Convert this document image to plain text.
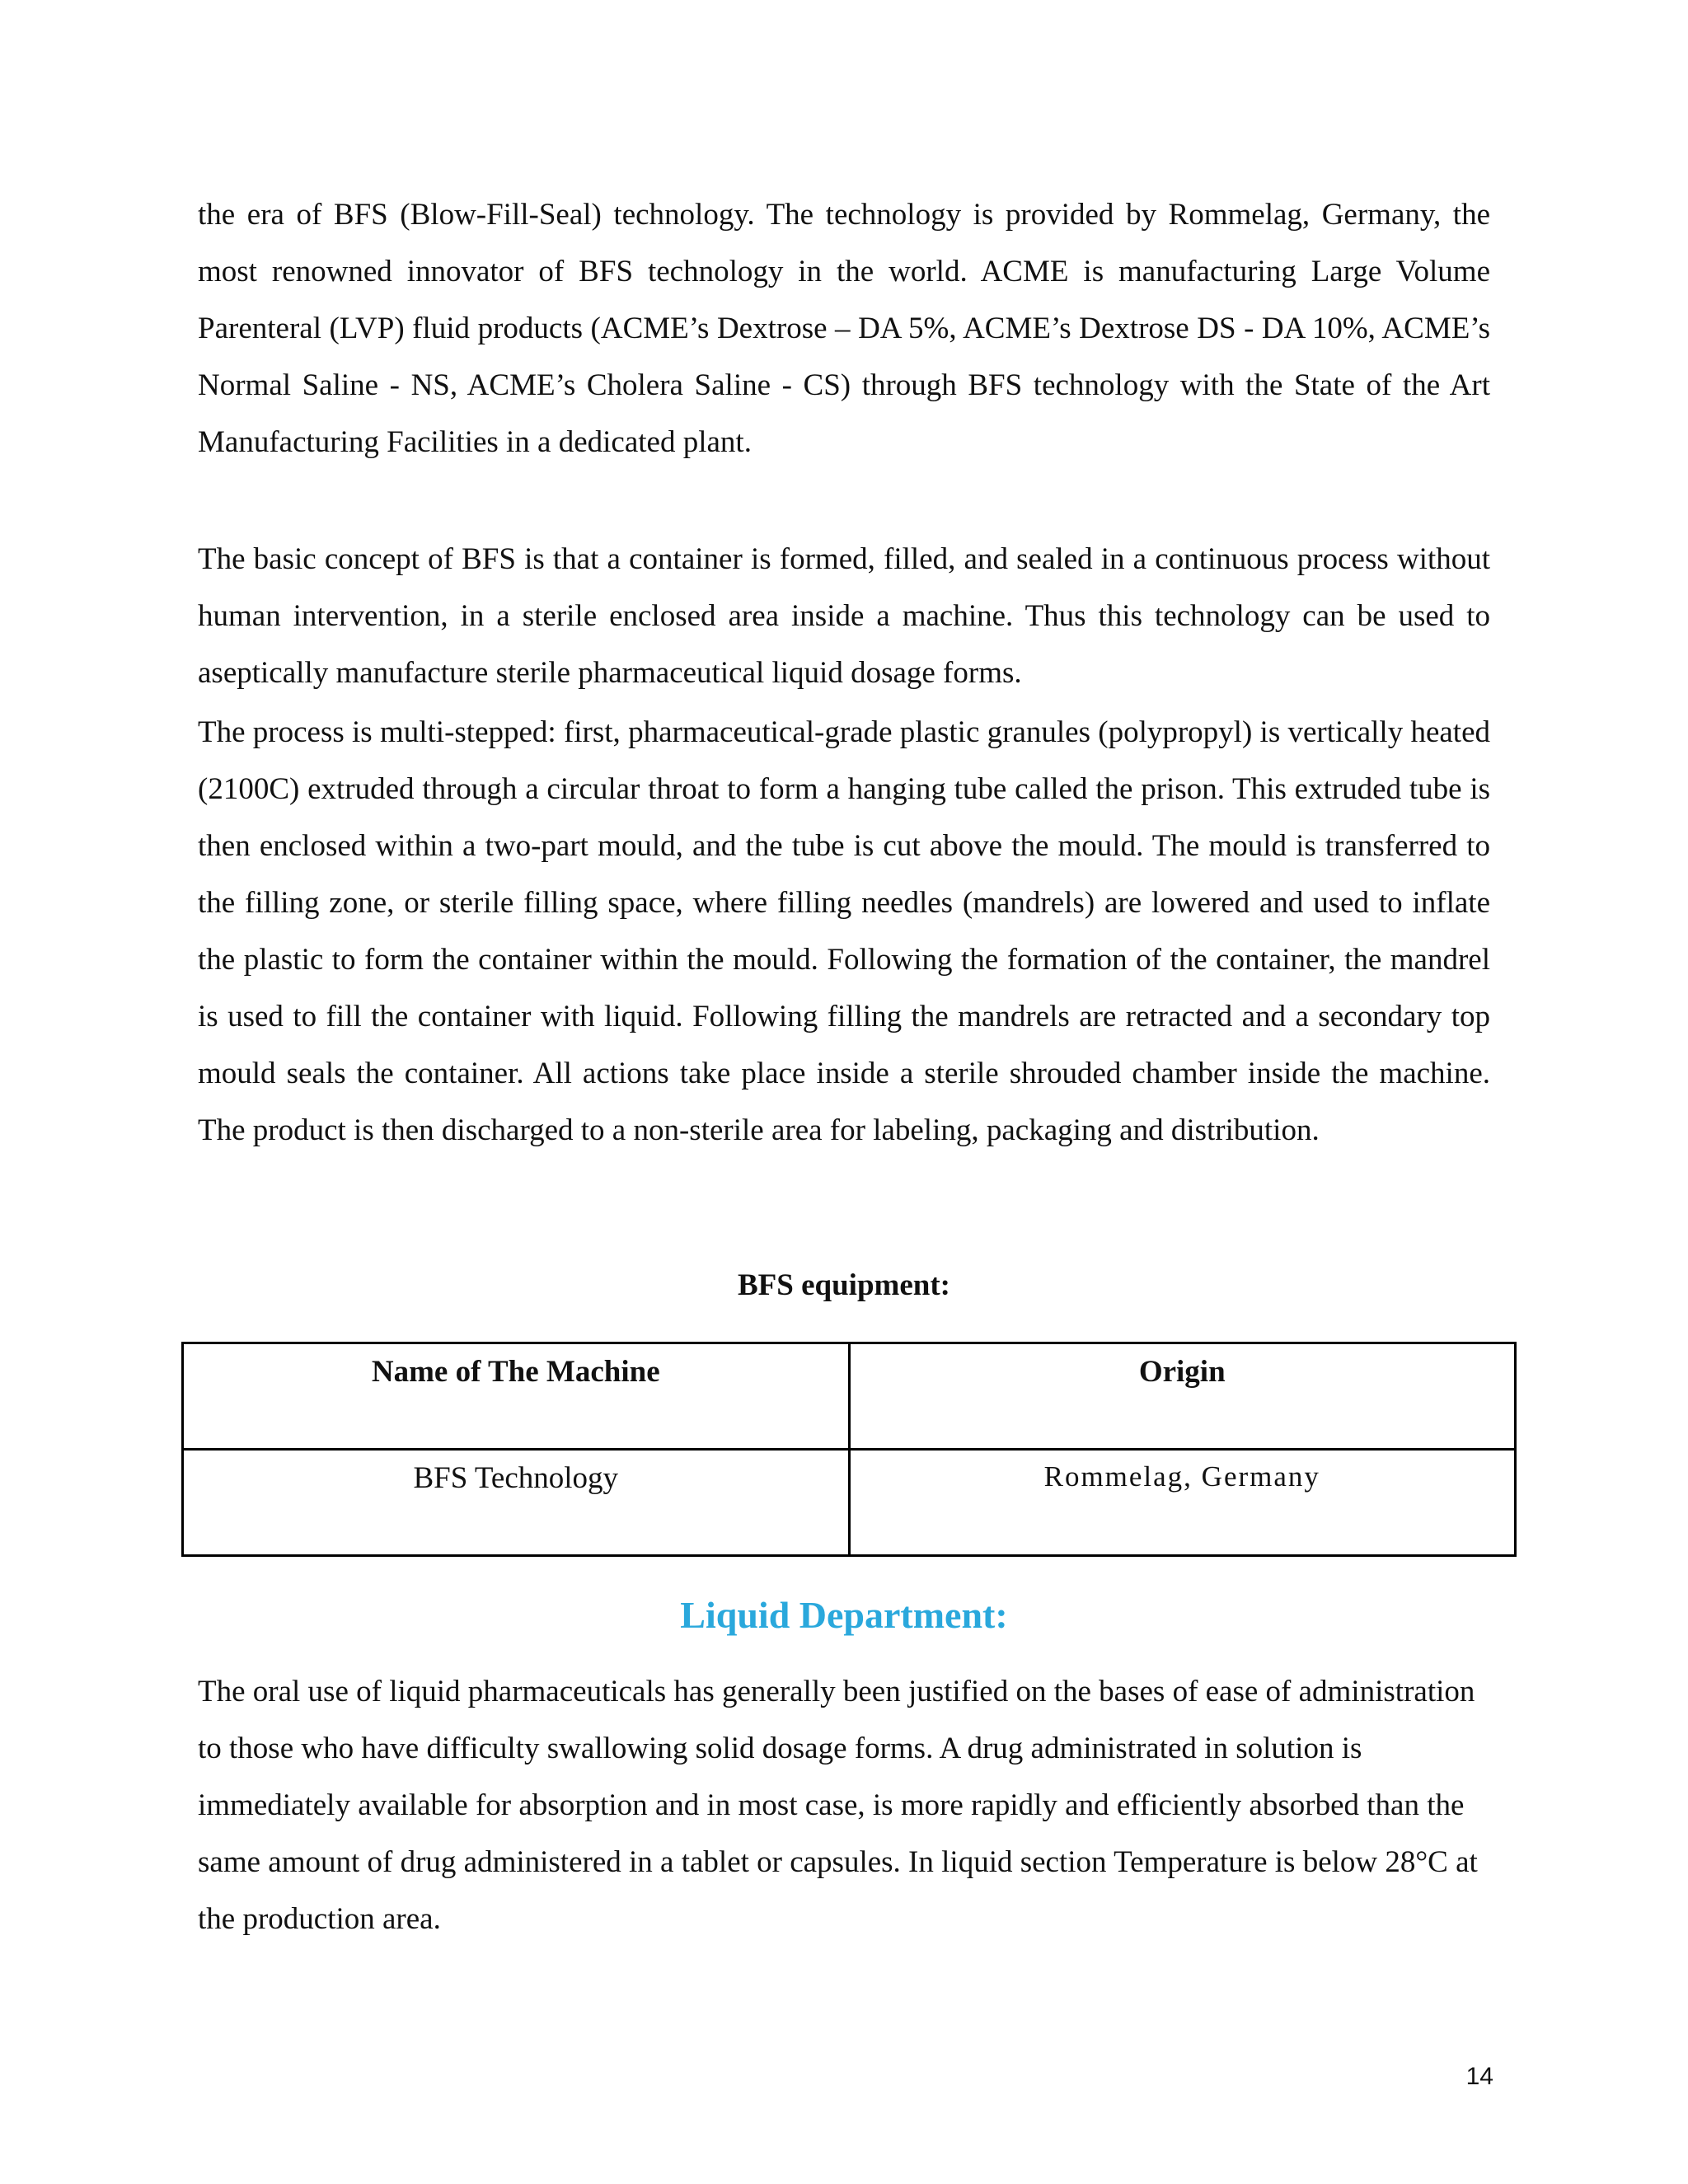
the era of BFS (Blow-Fill-Seal) technology. The technology is provided by Rommelag, Germany, the most renowned innovator of BFS technology in the world. ACME is manufacturing Large Volume Parenteral (LVP) fluid products (ACME’s Dextrose – DA 5%, ACME’s Dextrose DS - DA 10%, ACME’s Normal Saline - NS, ACME’s Cholera Saline - CS) through BFS technology with the State of the Art Manufacturing Facilities in a dedicated plant.

The basic concept of BFS is that a container is formed, filled, and sealed in a continuous process without human intervention, in a sterile enclosed area inside a machine. Thus this technology can be used to aseptically manufacture sterile pharmaceutical liquid dosage forms.

The process is multi-stepped: first, pharmaceutical-grade plastic granules (polypropyl) is vertically heated (2100C) extruded through a circular throat to form a hanging tube called the prison. This extruded tube is then enclosed within a two-part mould, and the tube is cut above the mould. The mould is transferred to the filling zone, or sterile filling space, where filling needles (mandrels) are lowered and used to inflate the plastic to form the container within the mould. Following the formation of the container, the mandrel is used to fill the container with liquid. Following filling the mandrels are retracted and a secondary top mould seals the container. All actions take place inside a sterile shrouded chamber inside the machine. The product is then discharged to a non-sterile area for labeling, packaging and distribution.

BFS equipment:
Name of The Machine	Origin
BFS Technology	Rommelag, Germany
Liquid Department:

The oral use of liquid pharmaceuticals has generally been justified on the bases of ease of administration to those who have difficulty swallowing solid dosage forms. A drug administrated in solution is immediately available for absorption and in most case, is more rapidly and efficiently absorbed than the same amount of drug administered in a tablet or capsules. In liquid section Temperature is below 28°C at the production area.

14
